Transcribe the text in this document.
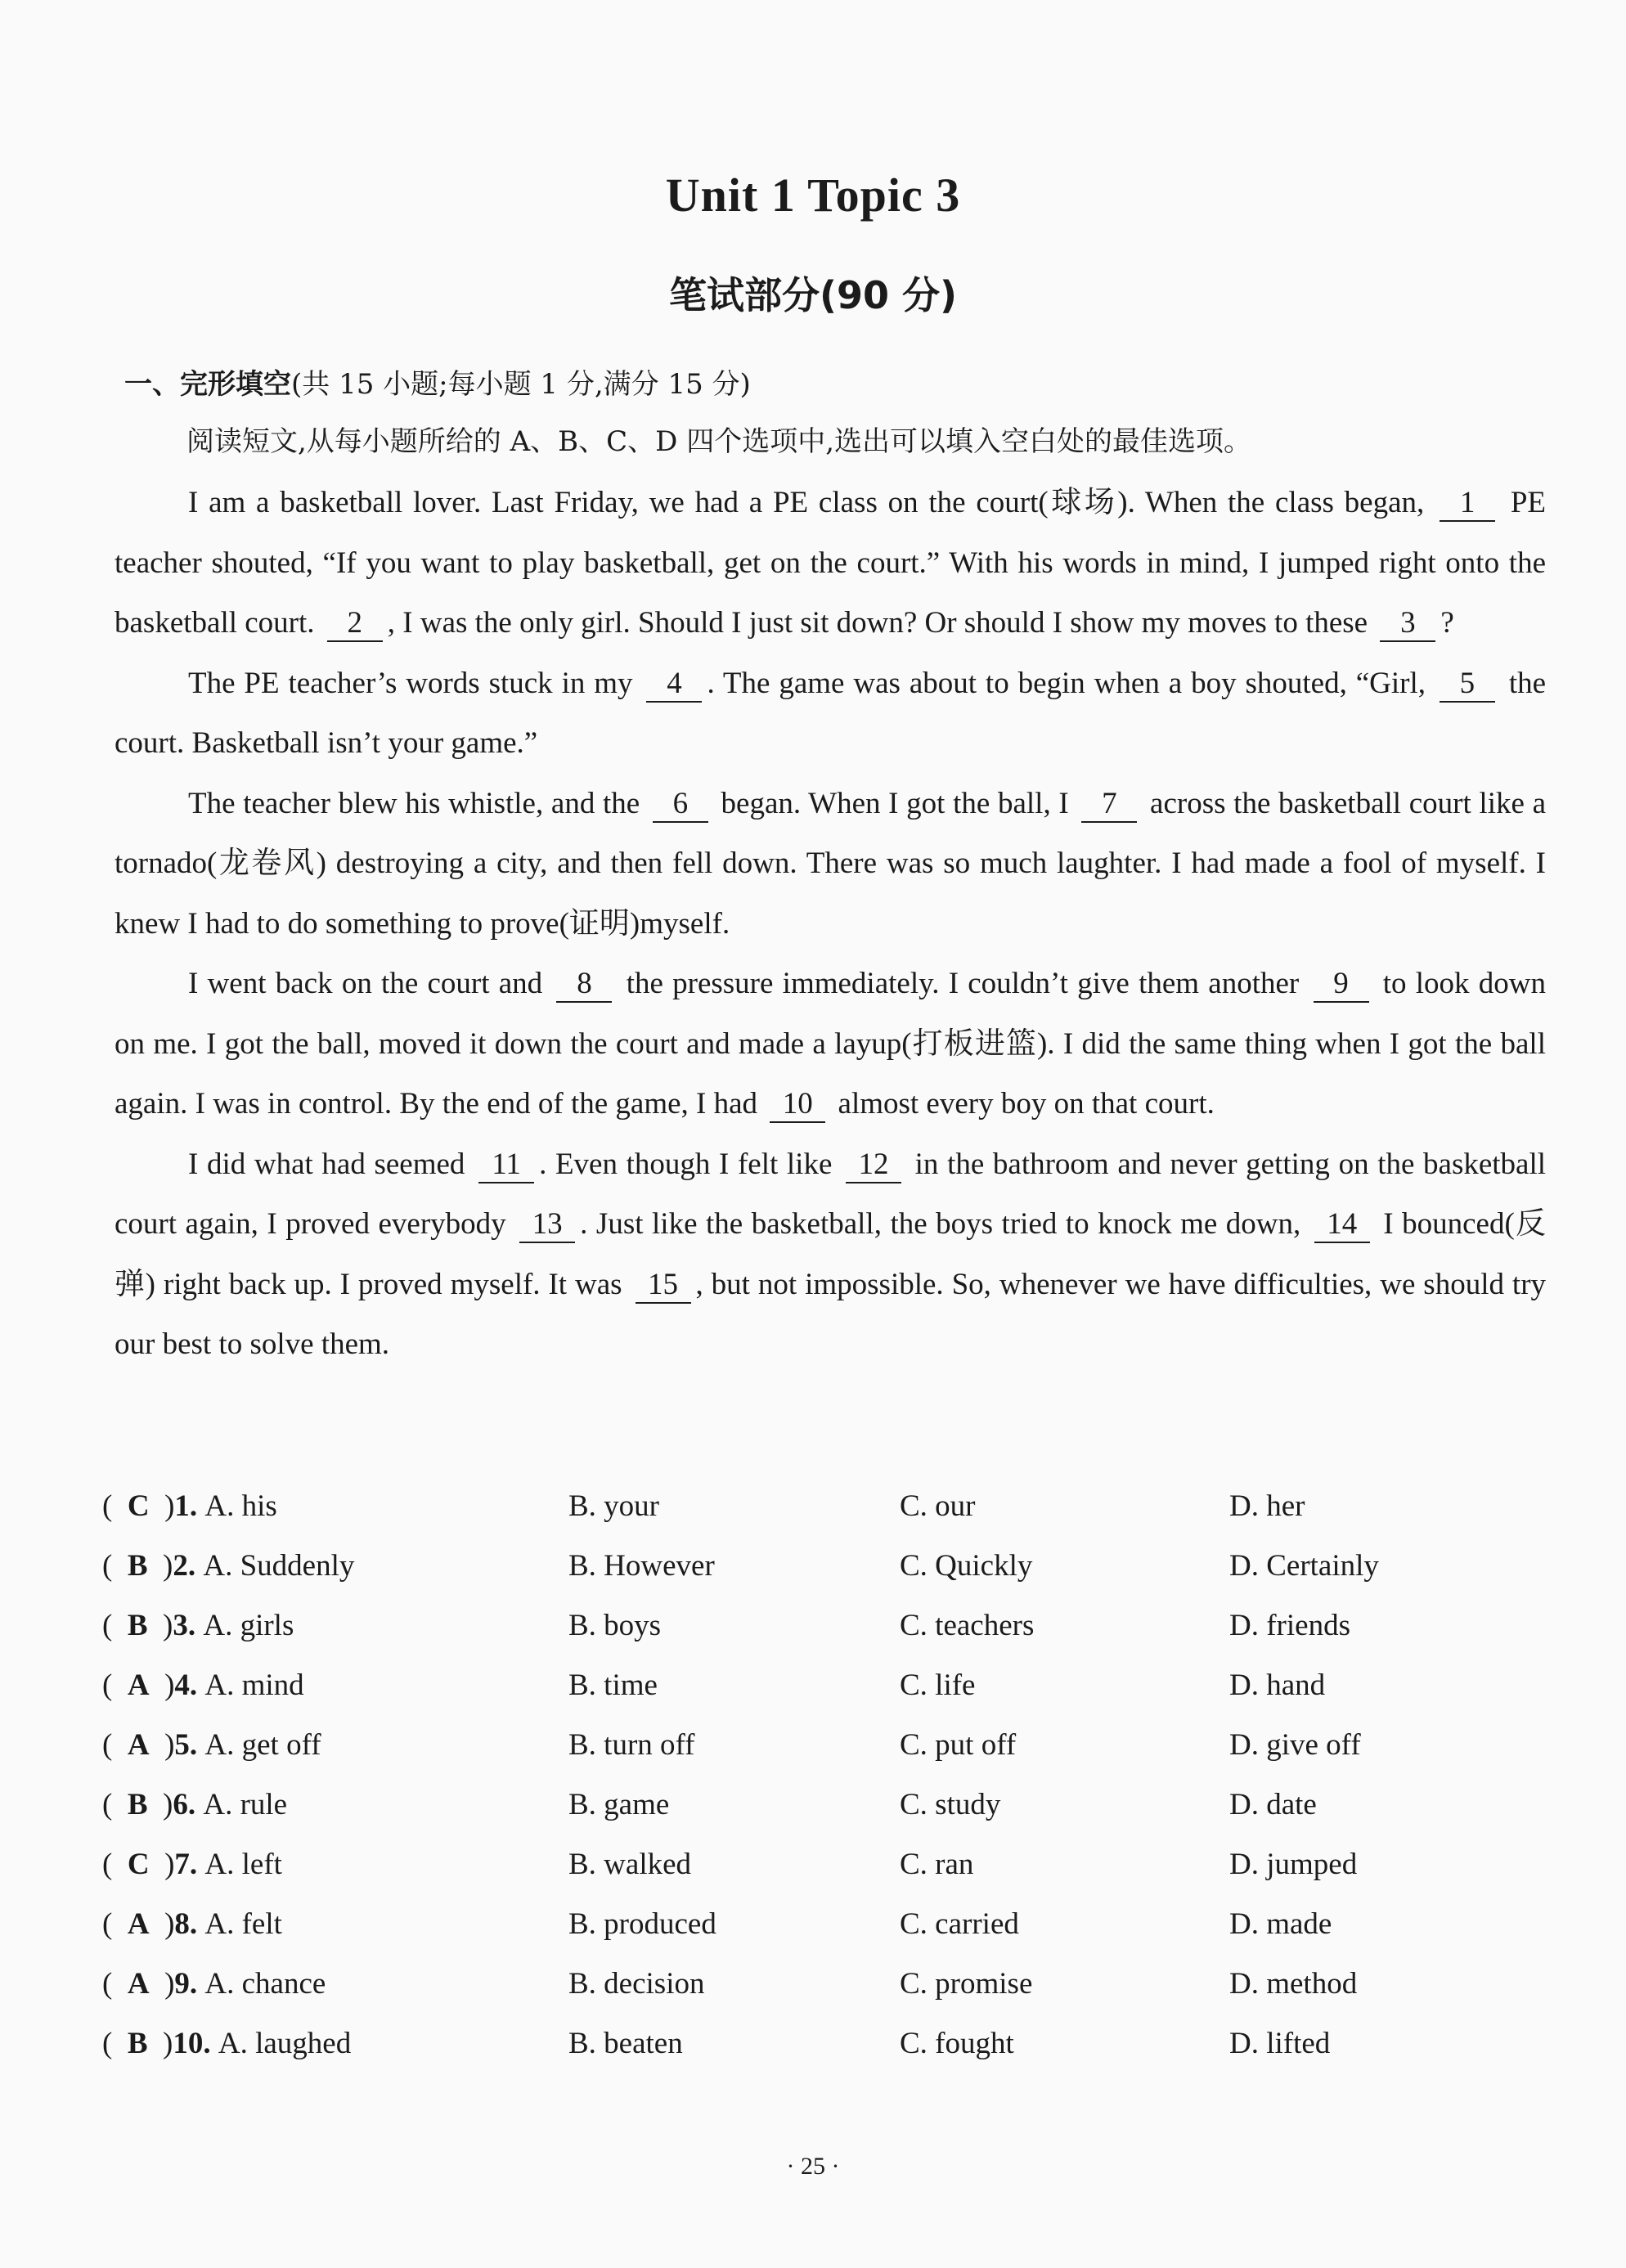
Unit 1 Topic 3
笔试部分(90 分)
一、完形填空(共 15 小题;每小题 1 分,满分 15 分)
阅读短文,从每小题所给的 A、B、C、D 四个选项中,选出可以填入空白处的最佳选项。

I am a basketball lover. Last Friday, we had a PE class on the court(球场). When the class began, 1 PE teacher shouted, “If you want to play basketball, get on the court.” With his words in mind, I jumped right onto the basketball court. 2 , I was the only girl. Should I just sit down? Or should I show my moves to these 3 ?

The PE teacher’s words stuck in my 4 . The game was about to begin when a boy shouted, “Girl, 5 the court. Basketball isn’t your game.”

The teacher blew his whistle, and the 6 began. When I got the ball, I 7 across the basketball court like a tornado(龙卷风) destroying a city, and then fell down. There was so much laughter. I had made a fool of myself. I knew I had to do something to prove(证明)myself.

I went back on the court and 8 the pressure immediately. I couldn’t give them another 9 to look down on me. I got the ball, moved it down the court and made a layup(打板进篮). I did the same thing when I got the ball again. I was in control. By the end of the game, I had 10 almost every boy on that court.

I did what had seemed 11 . Even though I felt like 12 in the bathroom and never getting on the basketball court again, I proved everybody 13 . Just like the basketball, the boys tried to knock me down, 14 I bounced(反弹) right back up. I proved myself. It was 15 , but not impossible. So, whenever we have difficulties, we should try our best to solve them.

(  C  )1. A. his	B. your	C. our	D. her
(  B  )2. A. Suddenly	B. However	C. Quickly	D. Certainly
(  B  )3. A. girls	B. boys	C. teachers	D. friends
(  A  )4. A. mind	B. time	C. life	D. hand
(  A  )5. A. get off	B. turn off	C. put off	D. give off
(  B  )6. A. rule	B. game	C. study	D. date
(  C  )7. A. left	B. walked	C. ran	D. jumped
(  A  )8. A. felt	B. produced	C. carried	D. made
(  A  )9. A. chance	B. decision	C. promise	D. method
(  B  )10. A. laughed	B. beaten	C. fought	D. lifted
· 25 ·
